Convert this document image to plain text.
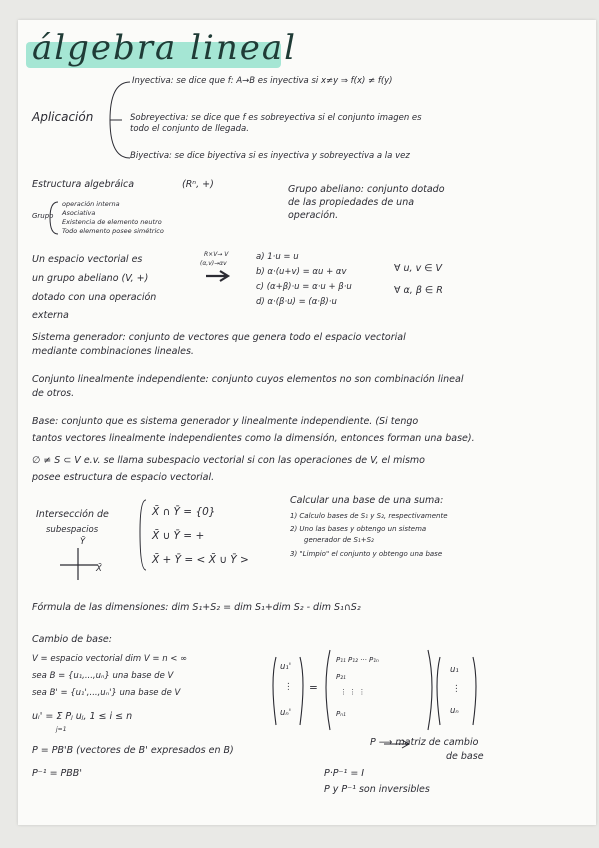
álgebra lineal
Aplicación
Inyectiva: se dice que f: A→B es inyectiva si x≠y ⇒ f(x) ≠ f(y)
Sobreyectiva: se dice que f es sobreyectiva si el conjunto imagen es
todo el conjunto de llegada.
Biyectiva: se dice biyectiva si es inyectiva y sobreyectiva a la vez
Estructura algebráica	(Rⁿ, +)
Grupo
operación interna
Asociativa
Existencia de elemento neutro
Todo elemento posee simétrico
Grupo abeliano: conjunto dotado
de las propiedades de una
operación.
Un espacio vectorial es
un grupo abeliano (V, +)
dotado con una operación
externa
R×V→ V
(α,v)→αv
a) 1·u = u
b) α·(u+v) = αu + αv
c) (α+β)·u = α·u + β·u
d) α·(β·u) = (α·β)·u
∀ u, v ∈ V
∀ α, β ∈ R
Sistema generador: conjunto de vectores que genera todo el espacio vectorial
mediante combinaciones lineales.
Conjunto linealmente independiente: conjunto cuyos elementos no son combinación lineal
de otros.
Base: conjunto que es sistema generador y linealmente independiente. (Si tengo
tantos vectores linealmente independientes como la dimensión, entonces forman una base).
∅ ≠ S ⊂ V e.v. se llama subespacio vectorial si con las operaciones de V, el mismo
posee estructura de espacio vectorial.
Intersección de
subespacios
Ȳ
X̄
X̄ ∩ Ȳ = {0}
X̄ ∪ Ȳ = +
X̄ + Ȳ = < X̄ ∪ Ȳ >
Calcular una base de una suma:
1) Calculo bases de S₁ y S₂, respectivamente
2) Uno las bases y obtengo un sistema
generador de S₁+S₂
3) "Limpio" el conjunto y obtengo una base
Fórmula de las dimensiones: dim S₁+S₂ = dim S₁+dim S₂ - dim S₁∩S₂
Cambio de base:
V = espacio vectorial dim V = n < ∞
sea B = {u₁,...,uₙ} una base de V
sea B' = {u₁',...,uₙ'} una base de V
uᵢ' = Σ Pⱼ uⱼ, 1 ≤ i ≤ n
j=1
P = PB'B (vectores de B' expresados en B)
P⁻¹ = PBB'
u₁'
⋮
uₙ'
=
P₁₁ P₁₂ ··· P₁ₙ
P₂₁
⋮ ⋮ ⋮
Pₙ₁
u₁
⋮
uₙ
P ⟶ matriz de cambio
de base
P·P⁻¹ = I
P y P⁻¹ son inversibles
